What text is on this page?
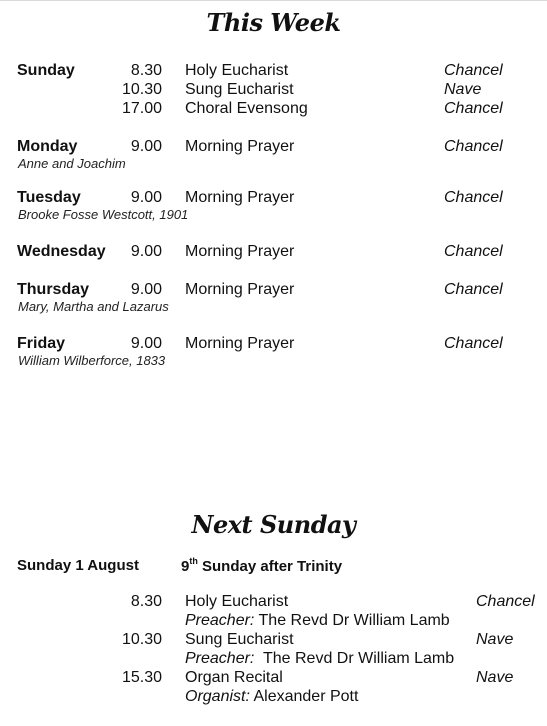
This Week
Sunday	8.30 Holy Eucharist	Chancel
10.30 Sung Eucharist	Nave
17.00 Choral Evensong	Chancel
Monday	9.00 Morning Prayer	Chancel
Anne and Joachim
Tuesday	9.00 Morning Prayer	Chancel
Brooke Fosse Westcott, 1901
Wednesday	9.00 Morning Prayer	Chancel
Thursday	9.00 Morning Prayer	Chancel
Mary, Martha and Lazarus
Friday	9.00 Morning Prayer	Chancel
William Wilberforce, 1833
Next Sunday
Sunday 1 August	9th Sunday after Trinity
8.30 Holy Eucharist	Chancel
Preacher: The Revd Dr William Lamb
10.30 Sung Eucharist	Nave
Preacher:  The Revd Dr William Lamb
15.30 Organ Recital	Nave
Organist: Alexander Pott
